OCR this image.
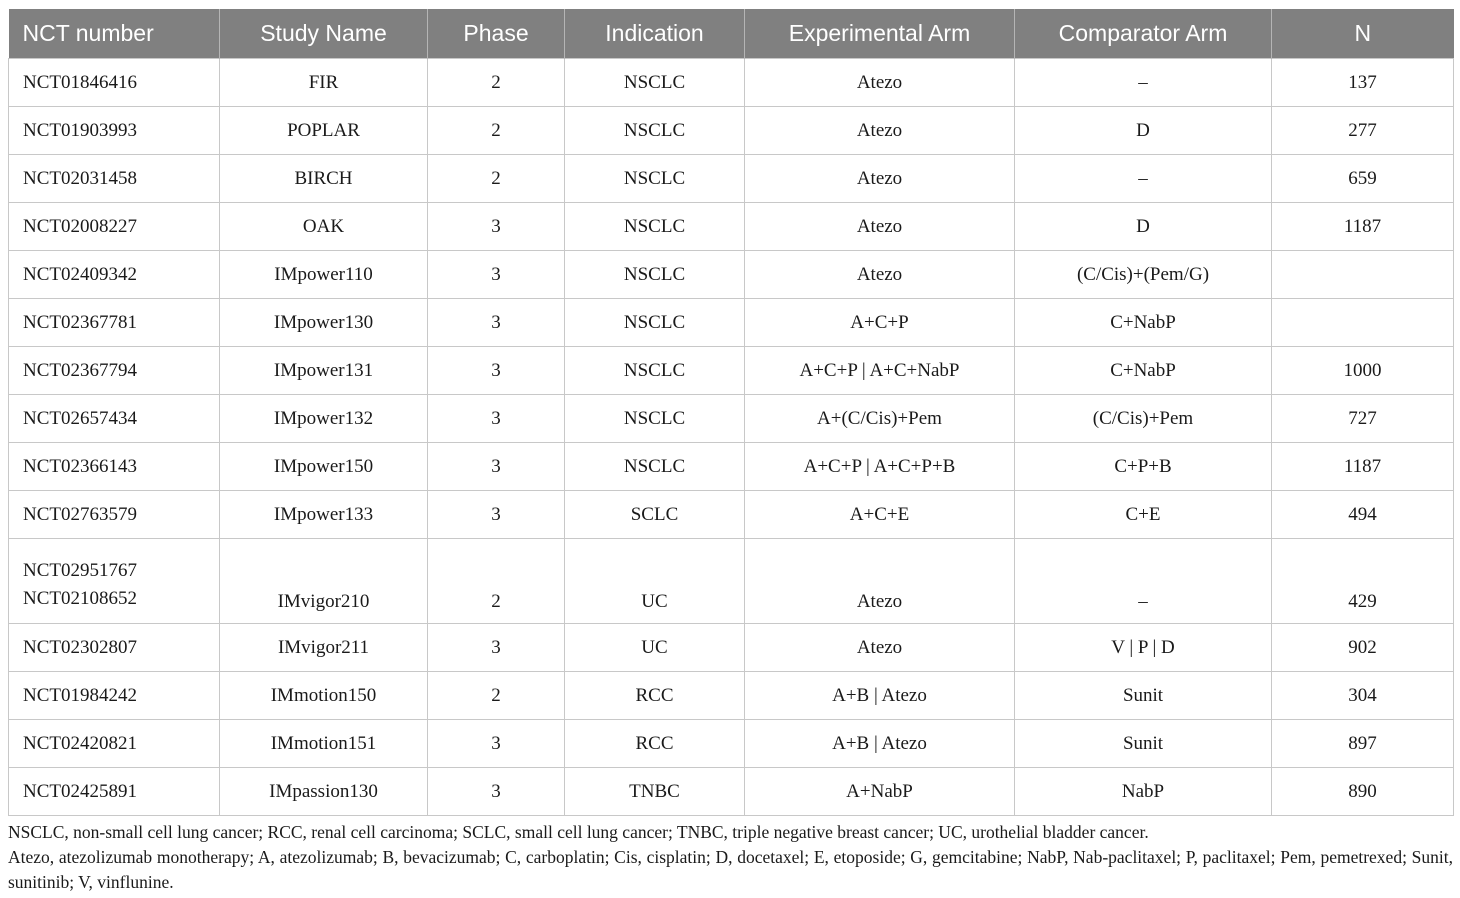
NCT number	Study Name	Phase	Indication	Experimental Arm	Comparator Arm	N
NCT01846416	FIR	2	NSCLC	Atezo	–	137
NCT01903993	POPLAR	2	NSCLC	Atezo	D	277
NCT02031458	BIRCH	2	NSCLC	Atezo	–	659
NCT02008227	OAK	3	NSCLC	Atezo	D	1187
NCT02409342	IMpower110	3	NSCLC	Atezo	(C/Cis)+(Pem/G)	
NCT02367781	IMpower130	3	NSCLC	A+C+P	C+NabP	
NCT02367794	IMpower131	3	NSCLC	A+C+P | A+C+NabP	C+NabP	1000
NCT02657434	IMpower132	3	NSCLC	A+(C/Cis)+Pem	(C/Cis)+Pem	727
NCT02366143	IMpower150	3	NSCLC	A+C+P | A+C+P+B	C+P+B	1187
NCT02763579	IMpower133	3	SCLC	A+C+E	C+E	494

NCT02951767
NCT02108652	IMvigor210	2	UC	Atezo	–	429
NCT02302807	IMvigor211	3	UC	Atezo	V | P | D	902
NCT01984242	IMmotion150	2	RCC	A+B | Atezo	Sunit	304
NCT02420821	IMmotion151	3	RCC	A+B | Atezo	Sunit	897
NCT02425891	IMpassion130	3	TNBC	A+NabP	NabP	890

NSCLC, non-small cell lung cancer; RCC, renal cell carcinoma; SCLC, small cell lung cancer; TNBC, triple negative breast cancer; UC, urothelial bladder cancer.

Atezo, atezolizumab monotherapy; A, atezolizumab; B, bevacizumab; C, carboplatin; Cis, cisplatin; D, docetaxel; E, etoposide; G, gemcitabine; NabP, Nab-paclitaxel; P, paclitaxel; Pem, pemetrexed; Sunit, sunitinib; V, vinflunine.
